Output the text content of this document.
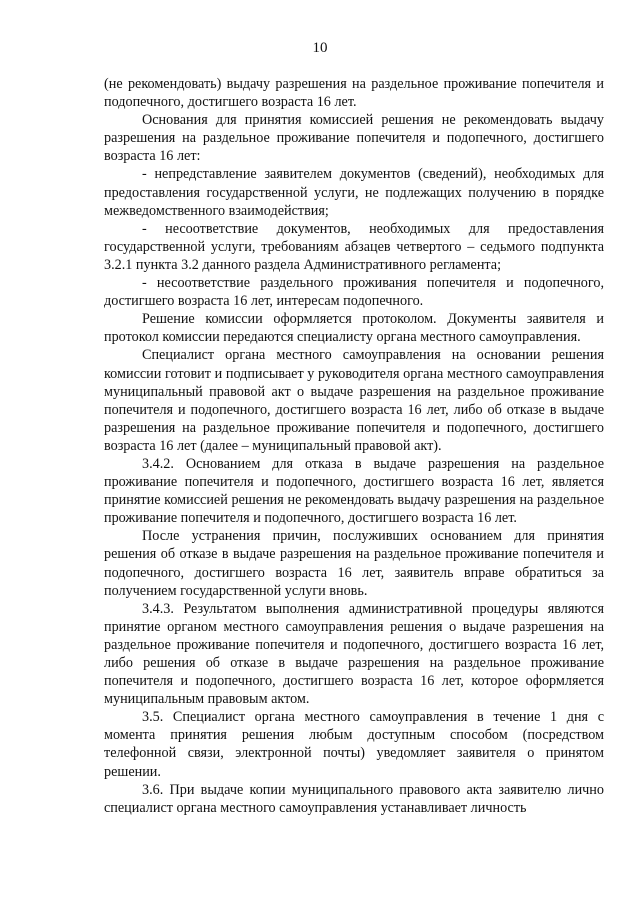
10

(не рекомендовать) выдачу разрешения на раздельное проживание попечителя и подопечного, достигшего возраста 16 лет.

Основания для принятия комиссией решения не рекомендовать выдачу разрешения на раздельное проживание попечителя и подопечного, достигшего возраста 16 лет:

- непредставление заявителем документов (сведений), необходимых для предоставления государственной услуги, не подлежащих получению в порядке межведомственного взаимодействия;

- несоответствие документов, необходимых для предоставления государственной услуги, требованиям абзацев четвертого – седьмого подпункта 3.2.1 пункта 3.2 данного раздела Административного регламента;

- несоответствие раздельного проживания попечителя и подопечного, достигшего возраста 16 лет, интересам подопечного.

Решение комиссии оформляется протоколом. Документы заявителя и протокол комиссии передаются специалисту органа местного самоуправления.

Специалист органа местного самоуправления на основании решения комиссии готовит и подписывает у руководителя органа местного самоуправления муниципальный правовой акт о выдаче разрешения на раздельное проживание попечителя и подопечного, достигшего возраста 16 лет, либо об отказе в выдаче разрешения на раздельное проживание попечителя и подопечного, достигшего возраста 16 лет (далее – муниципальный правовой акт).

3.4.2. Основанием для отказа в выдаче разрешения на раздельное проживание попечителя и подопечного, достигшего возраста 16 лет, является принятие комиссией решения не рекомендовать выдачу разрешения на раздельное проживание попечителя и подопечного, достигшего возраста 16 лет.

После устранения причин, послуживших основанием для принятия решения об отказе в выдаче разрешения на раздельное проживание попечителя и подопечного, достигшего возраста 16 лет, заявитель вправе обратиться за получением государственной услуги вновь.

3.4.3. Результатом выполнения административной процедуры являются принятие органом местного самоуправления решения о выдаче разрешения на раздельное проживание попечителя и подопечного, достигшего возраста 16 лет, либо решения об отказе в выдаче разрешения на раздельное проживание попечителя и подопечного, достигшего возраста 16 лет, которое оформляется муниципальным правовым актом.

3.5. Специалист органа местного самоуправления в течение 1 дня с момента принятия решения любым доступным способом (посредством телефонной связи, электронной почты) уведомляет заявителя о принятом решении.

3.6. При выдаче копии муниципального правового акта заявителю лично специалист органа местного самоуправления устанавливает личность
